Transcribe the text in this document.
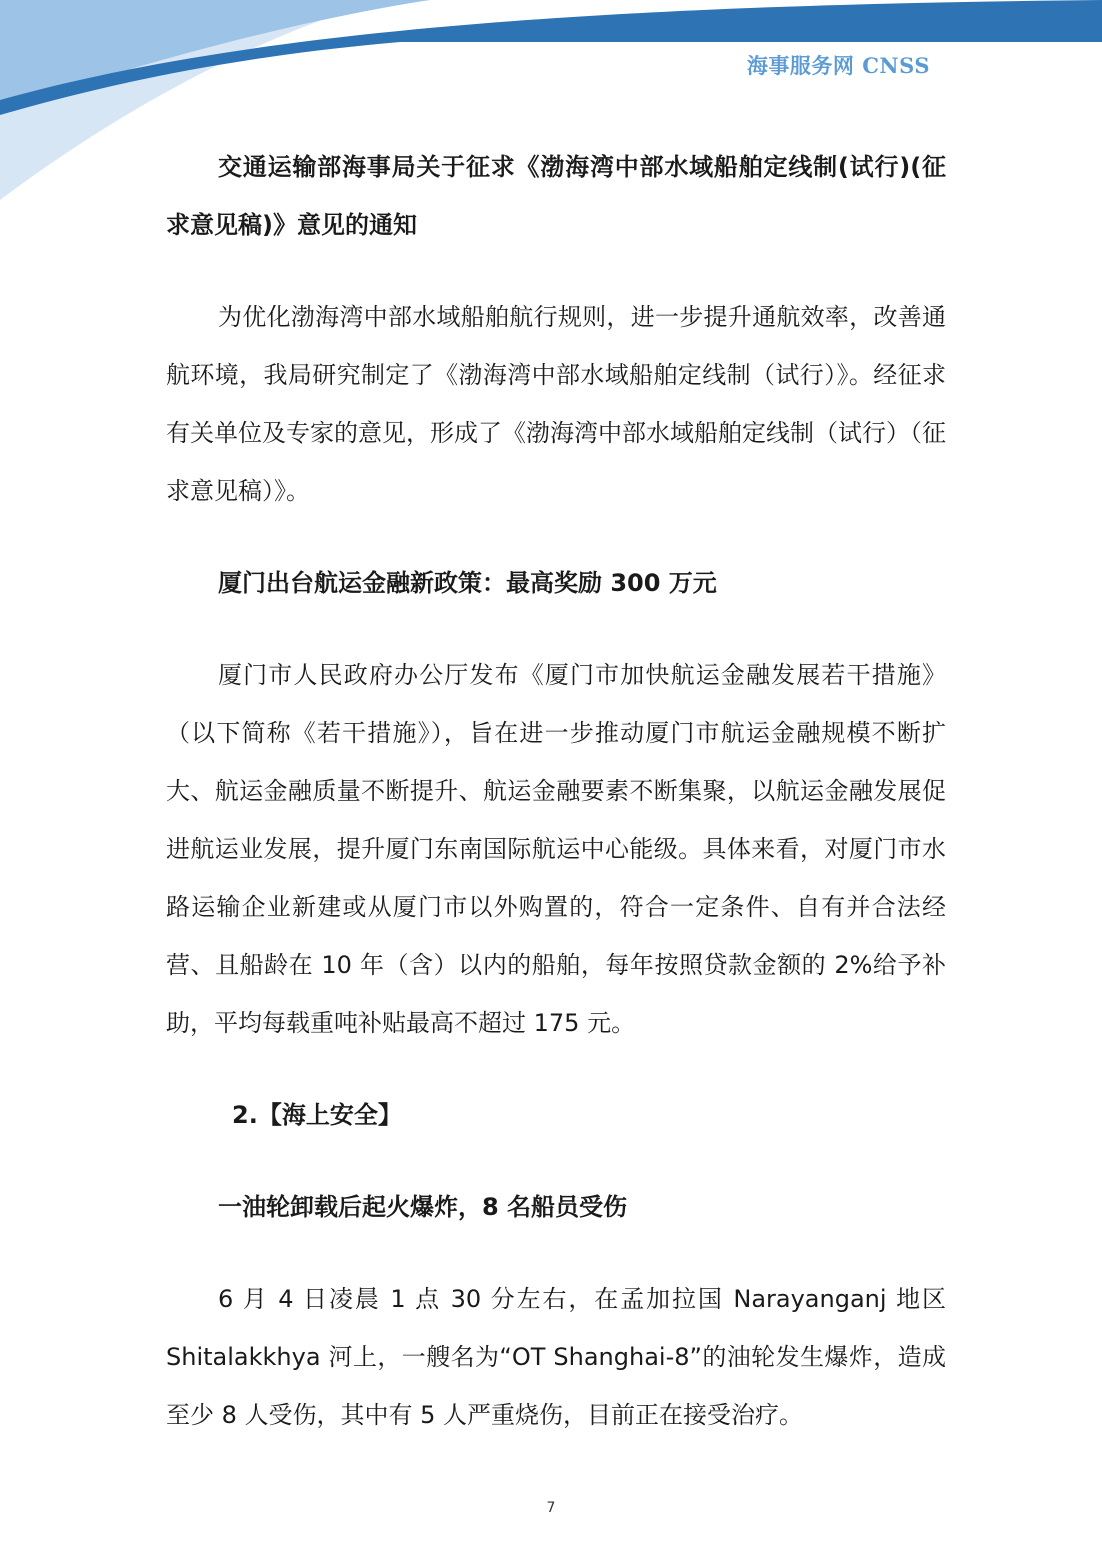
海事服务网 CNSS

交通运输部海事局关于征求《渤海湾中部水域船舶定线制(试行)(征求意见稿)》意见的通知

为优化渤海湾中部水域船舶航行规则，进一步提升通航效率，改善通航环境，我局研究制定了《渤海湾中部水域船舶定线制（试行）》。经征求有关单位及专家的意见，形成了《渤海湾中部水域船舶定线制（试行）（征求意见稿）》。

厦门出台航运金融新政策：最高奖励 300 万元

厦门市人民政府办公厅发布《厦门市加快航运金融发展若干措施》（以下简称《若干措施》），旨在进一步推动厦门市航运金融规模不断扩大、航运金融质量不断提升、航运金融要素不断集聚，以航运金融发展促进航运业发展，提升厦门东南国际航运中心能级。具体来看，对厦门市水路运输企业新建或从厦门市以外购置的，符合一定条件、自有并合法经营、且船龄在 10 年（含）以内的船舶，每年按照贷款金额的 2%给予补助，平均每载重吨补贴最高不超过 175 元。

2.【海上安全】

一油轮卸载后起火爆炸，8 名船员受伤

6 月 4 日凌晨 1 点 30 分左右，在孟加拉国 Narayanganj 地区 Shitalakkhya 河上，一艘名为“OT Shanghai-8”的油轮发生爆炸，造成至少 8 人受伤，其中有 5 人严重烧伤，目前正在接受治疗。

7
